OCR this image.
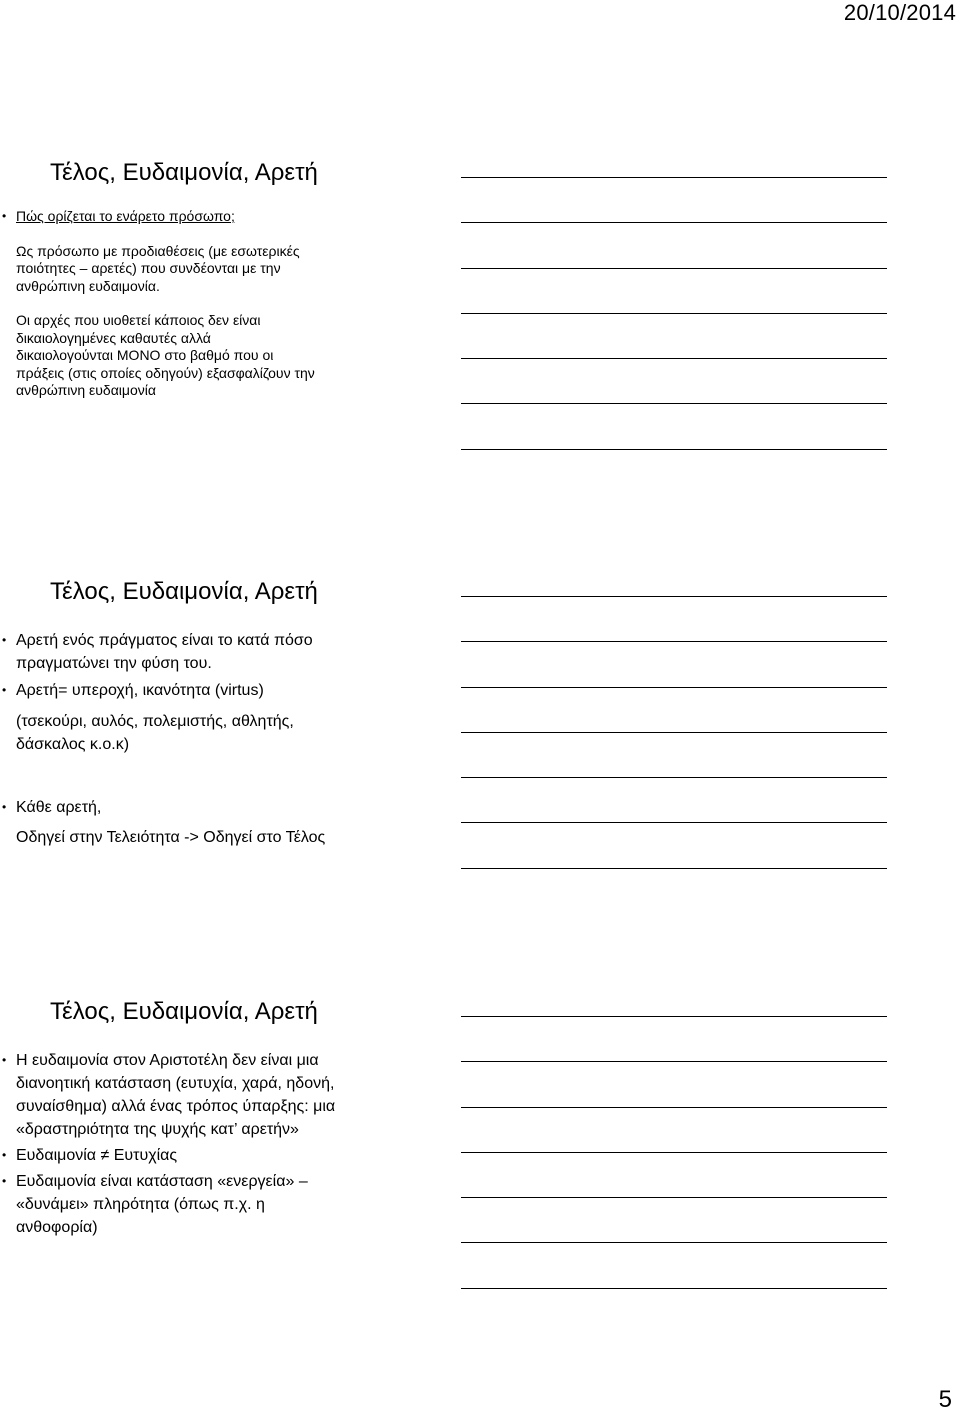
20/10/2014
Τέλος, Ευδαιμονία, Αρετή
• Πώς ορίζεται το ενάρετο πρόσωπο;
Ως πρόσωπο με προδιαθέσεις (με εσωτερικές
ποιότητες – αρετές) που συνδέονται με την
ανθρώπινη ευδαιμονία.
Οι αρχές που υιοθετεί κάποιος δεν είναι
δικαιολογημένες καθαυτές αλλά
δικαιολογούνται ΜΟΝΟ στο βαθμό που οι
πράξεις (στις οποίες οδηγούν) εξασφαλίζουν την
ανθρώπινη ευδαιμονία
Τέλος, Ευδαιμονία, Αρετή
• Αρετή ενός πράγματος είναι το κατά πόσο
πραγματώνει την φύση του.
• Αρετή= υπεροχή, ικανότητα (virtus)
(τσεκούρι, αυλός, πολεμιστής, αθλητής,
δάσκαλος κ.ο.κ)
• Κάθε αρετή,
Οδηγεί στην Τελειότητα -> Οδηγεί στο Τέλος
Τέλος, Ευδαιμονία, Αρετή
• Η ευδαιμονία στον Αριστοτέλη δεν είναι μια
διανοητική κατάσταση (ευτυχία, χαρά, ηδονή,
συναίσθημα) αλλά ένας τρόπος ύπαρξης: μια
«δραστηριότητα της ψυχής κατ’ αρετήν»
• Ευδαιμονία ≠ Ευτυχίας
• Ευδαιμονία είναι κατάσταση «ενεργεία» –
«δυνάμει» πληρότητα (όπως π.χ. η
ανθοφορία)
5
